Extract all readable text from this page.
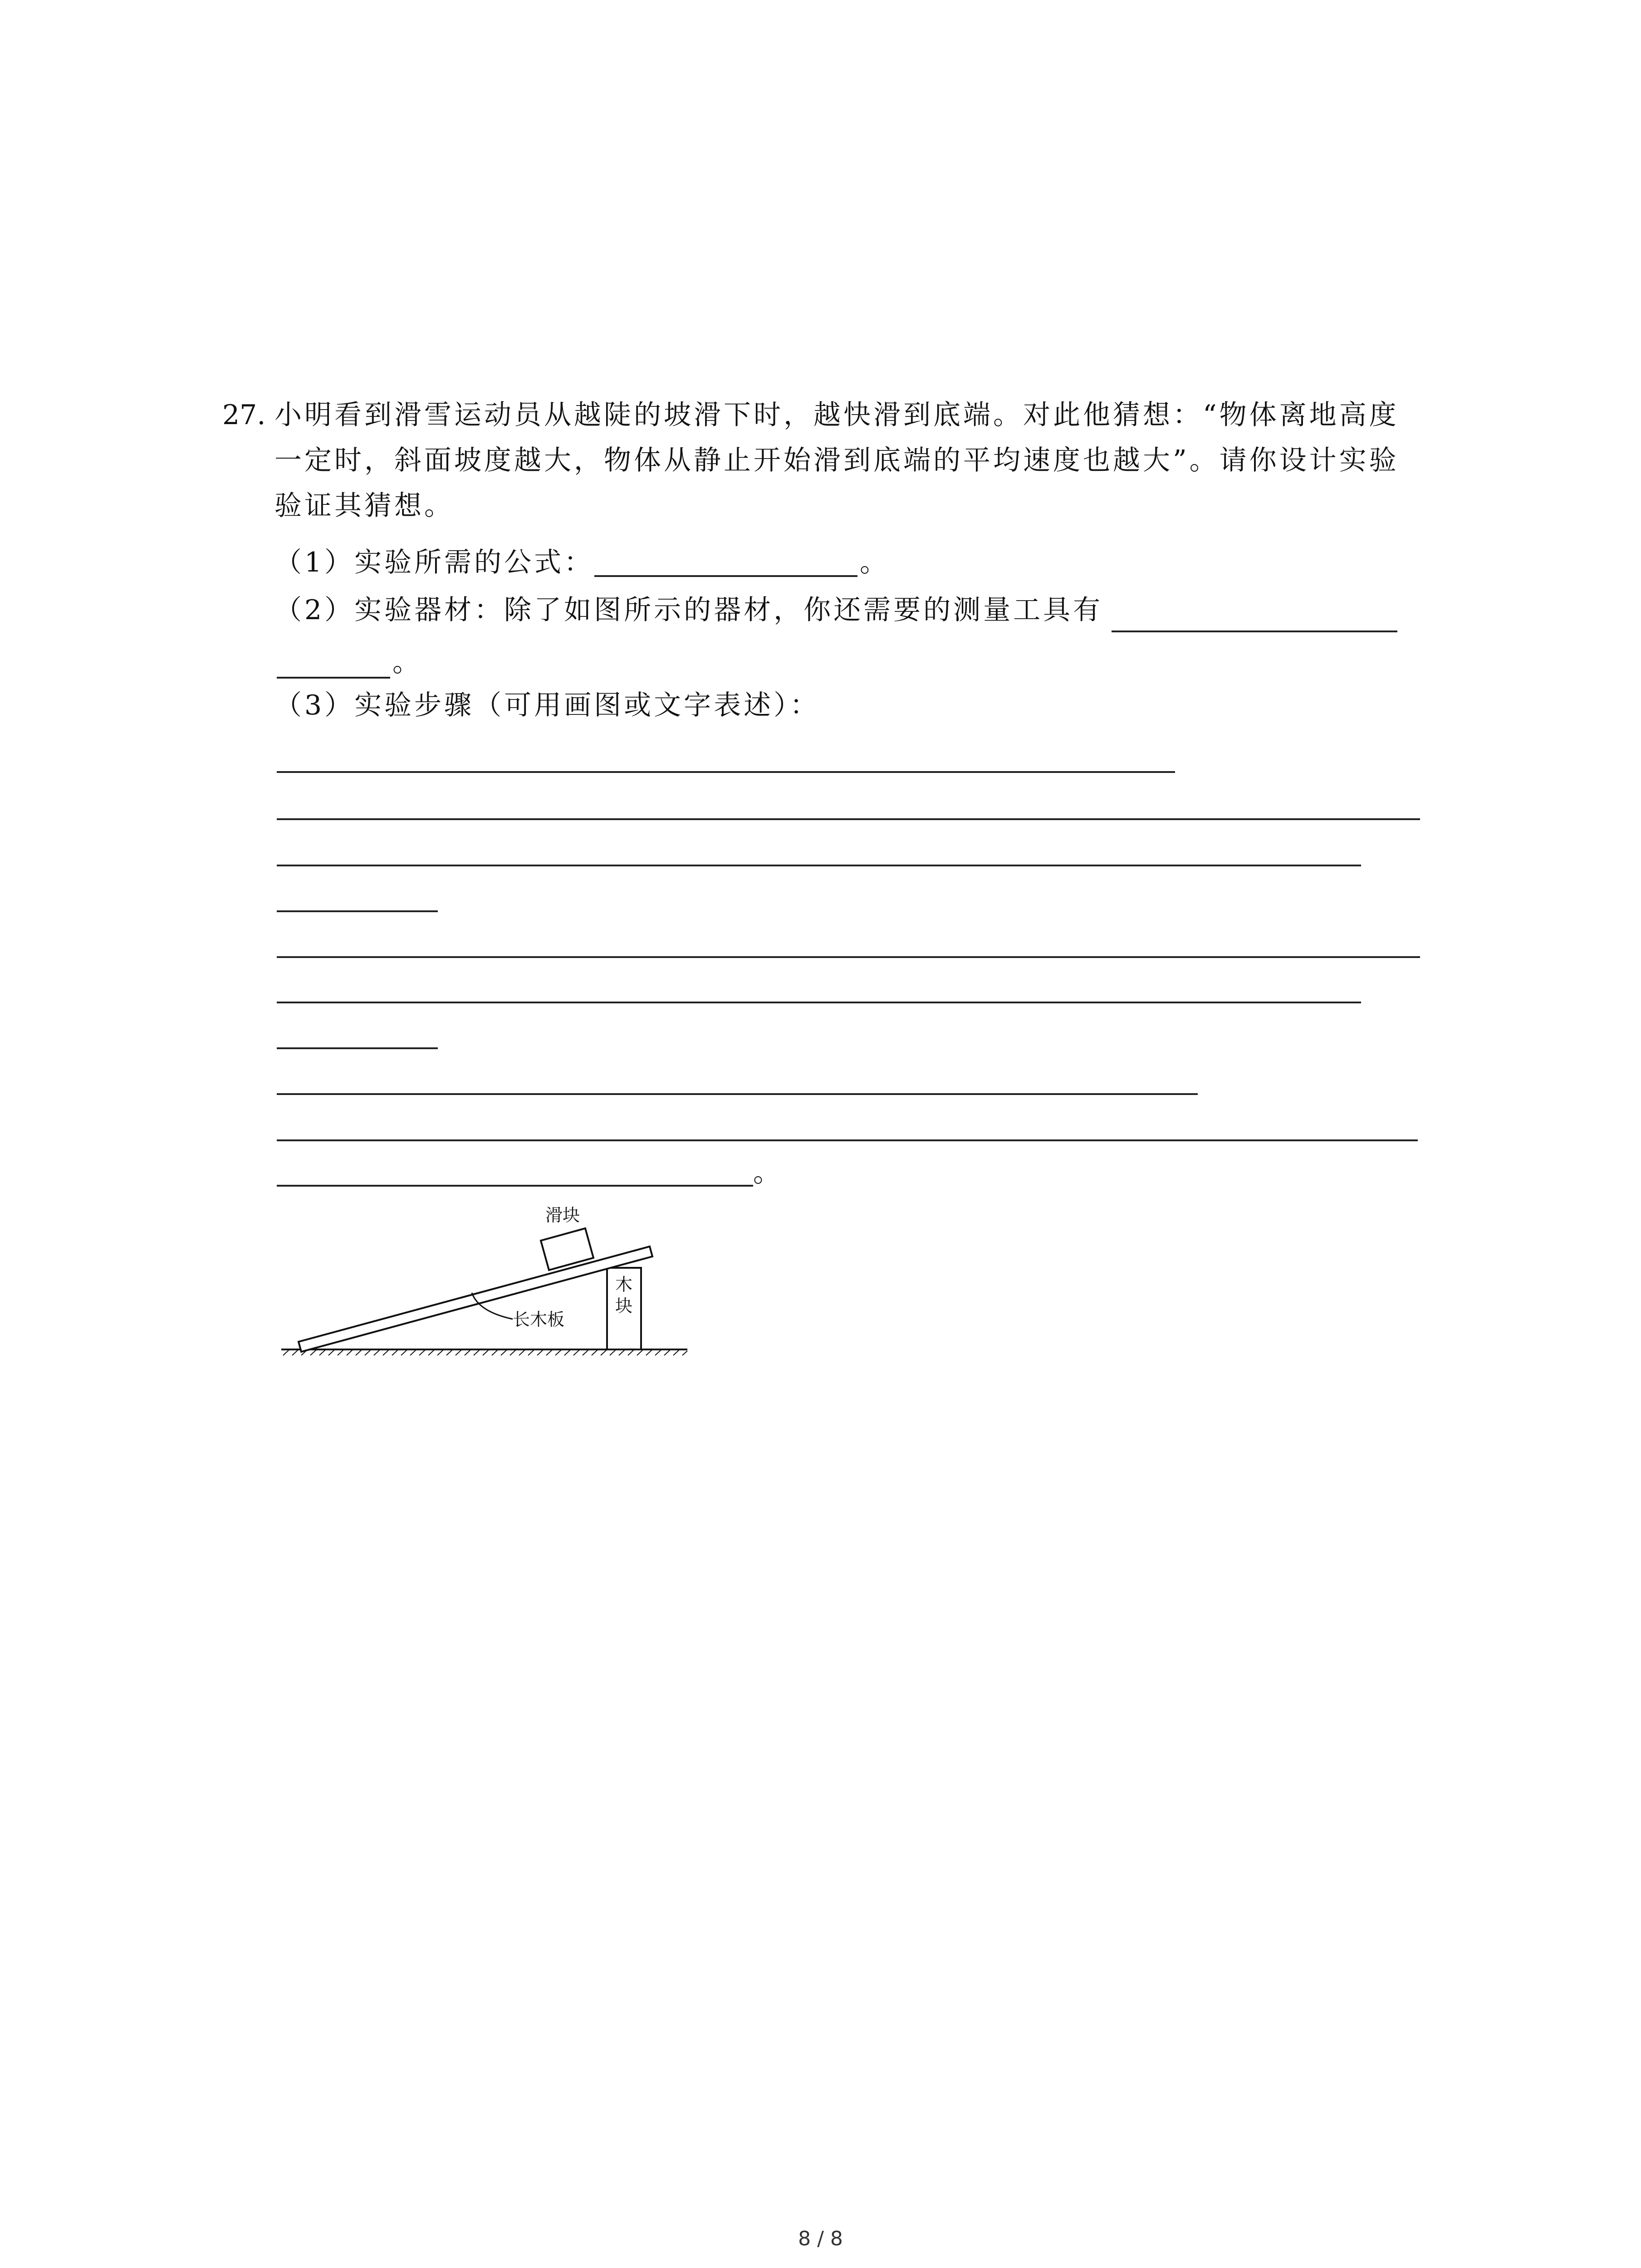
27. 小明看到滑雪运动员从越陡的坡滑下时，越快滑到底端。对此他猜想：“物体离地高度
一定时，斜面坡度越大，物体从静止开始滑到底端的平均速度也越大”。请你设计实验
验证其猜想。
（1）实验所需的公式：	。
（2）实验器材：除了如图所示的器材，你还需要的测量工具有
。
（3）实验步骤（可用画图或文字表述）：
。
木
块
滑块
长木板
8 / 8
